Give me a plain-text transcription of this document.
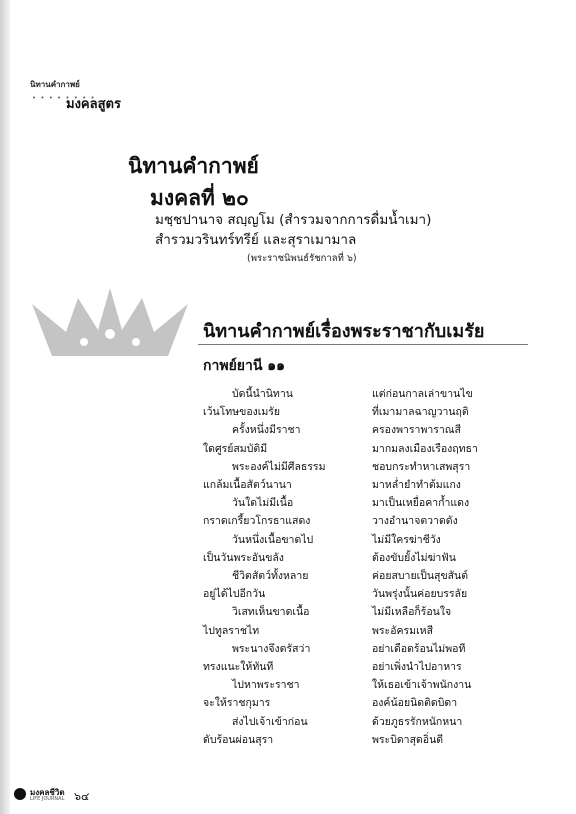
นิทานคำกาพย์
• • • • • • • •
มงคลสูตร
นิทานคำกาพย์
มงคลที่ ๒๐
มชฺชปานาจ สญฺญโม (สำรวมจากการดื่มน้ำเมา)
สำรวมวรินทร์ทรีย์ และสุราเมามาล
(พระราชนิพนธ์รัชกาลที่ ๖)
นิทานคำกาพย์เรื่องพระราชากับเมรัย
กาพย์ยานี ๑๑
บัดนี้นำนิทาน	แต่ก่อนกาลเล่าขานไข
เว้นโทษของเมรัย	ที่เมามาลฉาญวานฤติ
ครั้งหนึ่งมีราชา	ครองพาราพาราณสี
ใดศูรย์สมบัติมี	มากมลงเมืองเรืองฤทธา
พระองค์ไม่มีศีลธรรม	ชอบกระทำหาเสพสุรา
แกล้มเนื้อสัตว์นานา	มาหล่ำยำทำต้มแกง
วันใดไม่มีเนื้อ	มาเป็นเหยื่อคาก้ำแดง
กราดเกรี้ยวโกรธาแสดง	วางอำนาจตวาดดัง
วันหนึ่งเนื้อขาดไป	ไม่มีใครฆ่าชีวัง
เป็นวันพระอันขลัง	ต้องขับยั้งไม่ฆ่าฟัน
ชีวิตสัตว์ทั้งหลาย	ค่อยสบายเป็นสุขสันต์
อยู่ได้ไปอีกวัน	วันพรุ่งนั้นค่อยบรรลัย
วิเสทเห็นขาดเนื้อ	ไม่มีเหลือก็ร้อนใจ
ไปทูลราชไท	พระอัครมเหสี
พระนางจึงตรัสว่า	อย่าเดือดร้อนไม่พอที
ทรงแนะให้ทันที	อย่าเพิ่งนำไปอาหาร
ไปหาพระราชา	ให้เธอเข้าเจ้าพนักงาน
จะให้ราชกุมาร	องค์น้อยนิดติดบิดา
ส่งไปเจ้าเข้าก่อน	ด้วยภูธรรักหนักหนา
ดับร้อนผ่อนสุรา	พระบิดาสุดอิ่นดี
มงคลชีวิต
LIFE JOURNAL ๖๔
